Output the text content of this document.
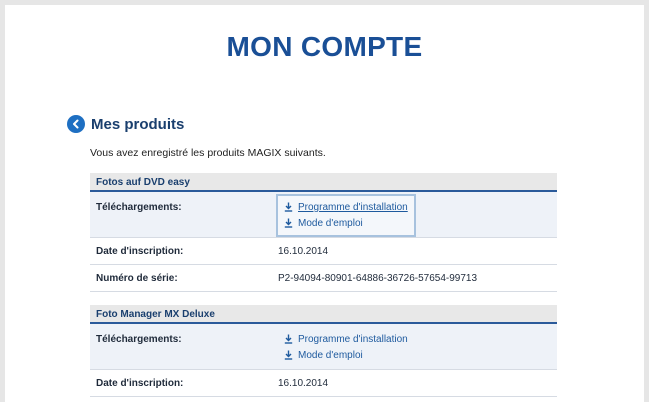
MON COMPTE
Mes produits
Vous avez enregistré les produits MAGIX suivants.
Fotos auf DVD easy
Téléchargements:	Programme d'installation
Mode d'emploi
Date d'inscription:	16.10.2014
Numéro de série:	P2-94094-80901-64886-36726-57654-99713
Foto Manager MX Deluxe
Téléchargements:	Programme d'installation
Mode d'emploi
Date d'inscription:	16.10.2014
